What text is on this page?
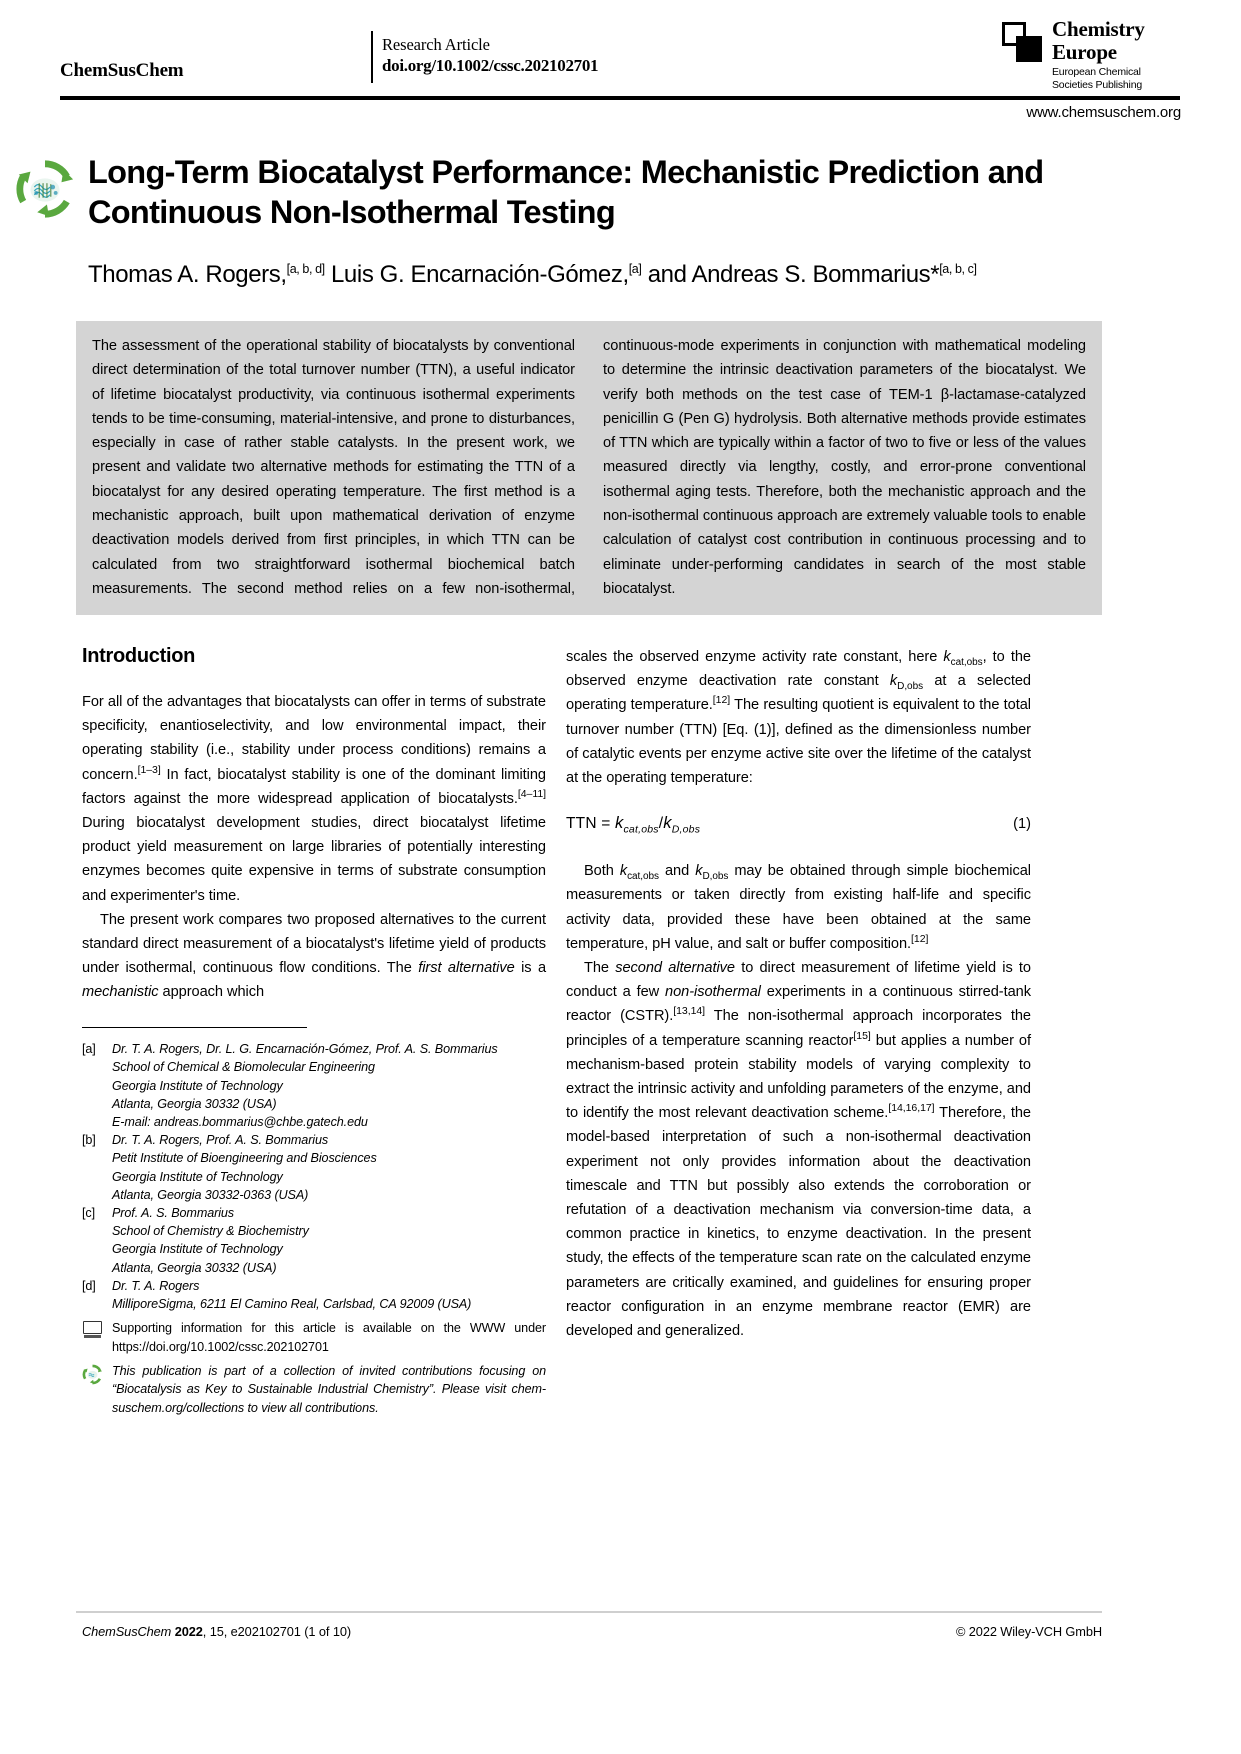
ChemSusChem
Research Article
doi.org/10.1002/cssc.202102701
Chemistry
Europe
European Chemical
Societies Publishing
www.chemsuschem.org
Long-Term Biocatalyst Performance: Mechanistic Prediction and Continuous Non-Isothermal Testing
Thomas A. Rogers,[a, b, d] Luis G. Encarnación-Gómez,[a] and Andreas S. Bommarius*[a, b, c]

The assessment of the operational stability of biocatalysts by conventional direct determination of the total turnover number (TTN), a useful indicator of lifetime biocatalyst productivity, via continuous isothermal experiments tends to be time-consuming, material-intensive, and prone to disturbances, especially in case of rather stable catalysts. In the present work, we present and validate two alternative methods for estimating the TTN of a biocatalyst for any desired operating temperature. The first method is a mechanistic approach, built upon mathematical derivation of enzyme deactivation models derived from first principles, in which TTN can be calculated from two straightforward isothermal biochemical batch measurements. The second method relies on a few non-isothermal, continuous-mode experiments in conjunction with mathematical modeling to determine the intrinsic deactivation parameters of the biocatalyst. We verify both methods on the test case of TEM-1 β-lactamase-catalyzed penicillin G (Pen G) hydrolysis. Both alternative methods provide estimates of TTN which are typically within a factor of two to five or less of the values measured directly via lengthy, costly, and error-prone conventional isothermal aging tests. Therefore, both the mechanistic approach and the non-isothermal continuous approach are extremely valuable tools to enable calculation of catalyst cost contribution in continuous processing and to eliminate under-performing candidates in search of the most stable biocatalyst.

Introduction

For all of the advantages that biocatalysts can offer in terms of substrate specificity, enantioselectivity, and low environmental impact, their operating stability (i.e., stability under process conditions) remains a concern.[1–3] In fact, biocatalyst stability is one of the dominant limiting factors against the more widespread application of biocatalysts.[4–11] During biocatalyst development studies, direct biocatalyst lifetime product yield measurement on large libraries of potentially interesting enzymes becomes quite expensive in terms of substrate consumption and experimenter's time.

The present work compares two proposed alternatives to the current standard direct measurement of a biocatalyst's lifetime yield of products under isothermal, continuous flow conditions. The first alternative is a mechanistic approach which

[a]	Dr. T. A. Rogers, Dr. L. G. Encarnación-Gómez, Prof. A. S. Bommarius
School of Chemical & Biomolecular Engineering
Georgia Institute of Technology
Atlanta, Georgia 30332 (USA)
E-mail: andreas.bommarius@chbe.gatech.edu
[b]	Dr. T. A. Rogers, Prof. A. S. Bommarius
Petit Institute of Bioengineering and Biosciences
Georgia Institute of Technology
Atlanta, Georgia 30332-0363 (USA)
[c]	Prof. A. S. Bommarius
School of Chemistry & Biochemistry
Georgia Institute of Technology
Atlanta, Georgia 30332 (USA)
[d]	Dr. T. A. Rogers
MilliporeSigma, 6211 El Camino Real, Carlsbad, CA 92009 (USA)
Supporting information for this article is available on the WWW under https://doi.org/10.1002/cssc.202102701
This publication is part of a collection of invited contributions focusing on “Biocatalysis as Key to Sustainable Industrial Chemistry”. Please visit chem-suschem.org/collections to view all contributions.

scales the observed enzyme activity rate constant, here $k_{cat,obs}$, to the observed enzyme deactivation rate constant $k_{D,obs}$ at a selected operating temperature.[12] The resulting quotient is equivalent to the total turnover number (TTN) [Eq. (1)], defined as the dimensionless number of catalytic events per enzyme active site over the lifetime of the catalyst at the operating temperature:

TTN = $k_{cat,obs}/k_{D,obs}$	(1)

Both $k_{cat,obs}$ and $k_{D,obs}$ may be obtained through simple biochemical measurements or taken directly from existing half-life and specific activity data, provided these have been obtained at the same temperature, pH value, and salt or buffer composition.[12]

The second alternative to direct measurement of lifetime yield is to conduct a few non-isothermal experiments in a continuous stirred-tank reactor (CSTR).[13,14] The non-isothermal approach incorporates the principles of a temperature scanning reactor[15] but applies a number of mechanism-based protein stability models of varying complexity to extract the intrinsic activity and unfolding parameters of the enzyme, and to identify the most relevant deactivation scheme.[14,16,17] Therefore, the model-based interpretation of such a non-isothermal deactivation experiment not only provides information about the deactivation timescale and TTN but possibly also extends the corroboration or refutation of a deactivation mechanism via conversion-time data, a common practice in kinetics, to enzyme deactivation. In the present study, the effects of the temperature scan rate on the calculated enzyme parameters are critically examined, and guidelines for ensuring proper reactor configuration in an enzyme membrane reactor (EMR) are developed and generalized.

ChemSusChem 2022, 15, e202102701 (1 of 10)	© 2022 Wiley-VCH GmbH
